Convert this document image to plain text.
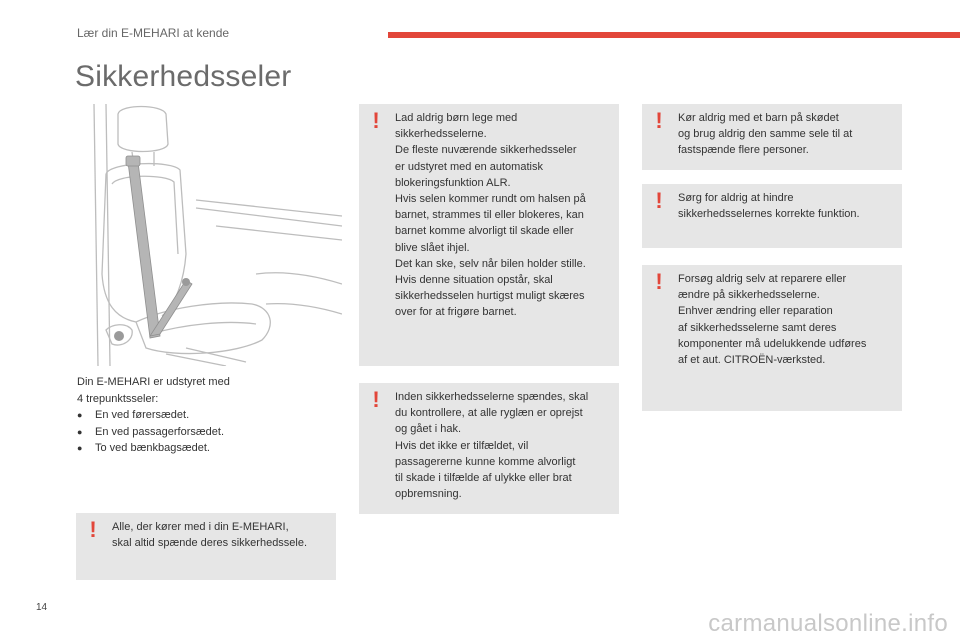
Lær din E-MEHARI at kende
Sikkerhedsseler
Din E-MEHARI er udstyret med
4 trepunktsseler:
● En ved førersædet.
● En ved passagerforsædet.
● To ved bænkbagsædet.
!	Alle, der kører med i din E-MEHARI,
skal altid spænde deres sikkerhedssele.

!	Lad aldrig børn lege med
sikkerhedsselerne.
De fleste nuværende sikkerhedsseler
er udstyret med en automatisk
blokeringsfunktion ALR.
Hvis selen kommer rundt om halsen på
barnet, strammes til eller blokeres, kan
barnet komme alvorligt til skade eller
blive slået ihjel.
Det kan ske, selv når bilen holder stille.
Hvis denne situation opstår, skal
sikkerhedsselen hurtigst muligt skæres
over for at frigøre barnet.

!	Inden sikkerhedsselerne spændes, skal
du kontrollere, at alle ryglæn er oprejst
og gået i hak.
Hvis det ikke er tilfældet, vil
passagererne kunne komme alvorligt
til skade i tilfælde af ulykke eller brat
opbremsning.

!	Kør aldrig med et barn på skødet
og brug aldrig den samme sele til at
fastspænde flere personer.

!	Sørg for aldrig at hindre
sikkerhedsselernes korrekte funktion.

!	Forsøg aldrig selv at reparere eller
ændre på sikkerhedsselerne.
Enhver ændring eller reparation
af sikkerhedsselerne samt deres
komponenter må udelukkende udføres
af et aut. CITROËN-værksted.

14
carmanualsonline.info
